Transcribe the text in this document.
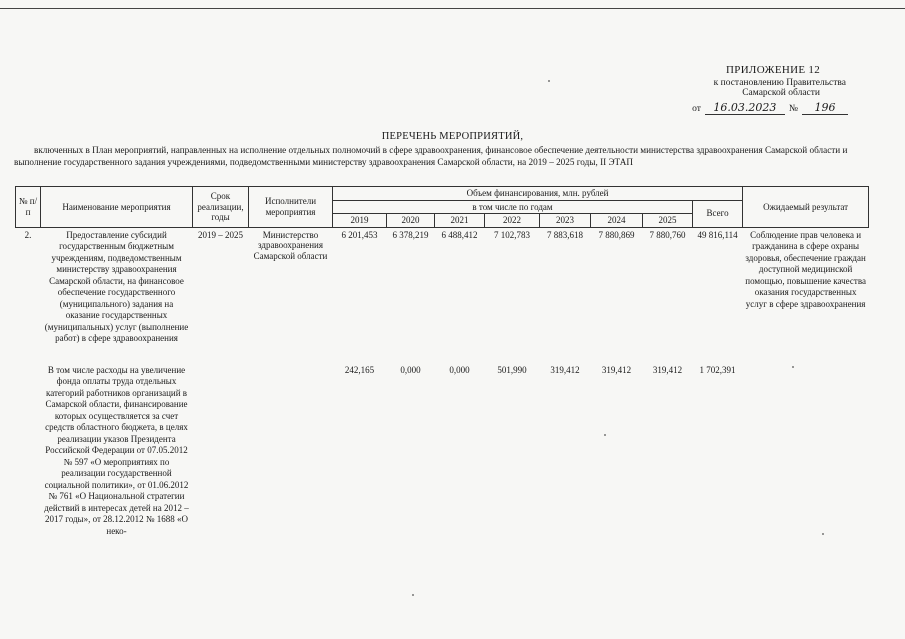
ПРИЛОЖЕНИЕ 12
к постановлению Правительства
Самарской области
от	16.03.2023	№	196
ПЕРЕЧЕНЬ МЕРОПРИЯТИЙ,
включенных в План мероприятий, направленных на исполнение отдельных полномочий в сфере здравоохранения, финансовое обеспечение деятельности министерства здравоохранения Самарской области и выполнение государственного задания учреждениями, подведомственными министерству здравоохранения Самарской области, на 2019 – 2025 годы, II ЭТАП
№ п/п	Наименование мероприятия	Срок реализации, годы	Исполнители мероприятия	Объем финансирования, млн. рублей								Ожидаемый результат
				в том числе по годам							Всего	
				2019	2020	2021	2022	2023	2024	2025		
2.	Предоставление субсидий государственным бюджетным учреждениям, подведомственным министерству здравоохранения Самарской области, на финансовое обеспечение государственного (муниципального) задания на оказание государственных (муниципальных) услуг (выполнение работ) в сфере здравоохранения	2019 – 2025	Министерство здравоохранения Самарской области	6 201,453	6 378,219	6 488,412	7 102,783	7 883,618	7 880,869	7 880,760	49 816,114	Соблюдение прав человека и гражданина в сфере охраны здоровья, обеспечение граждан доступной медицинской помощью, повышение качества оказания государственных услуг в сфере здравоохранения

	В том числе расходы на увеличение фонда оплаты труда отдельных категорий работников организаций в Самарской области, финансирование которых осуществляется за счет средств областного бюджета, в целях реализации указов Президента Российской Федерации от 07.05.2012 № 597 «О мероприятиях по реализации государственной социальной политики», от 01.06.2012 № 761 «О Национальной стратегии действий в интересах детей на 2012 – 2017 годы», от 28.12.2012 № 1688 «О неко-			242,165	0,000	0,000	501,990	319,412	319,412	319,412	1 702,391	
